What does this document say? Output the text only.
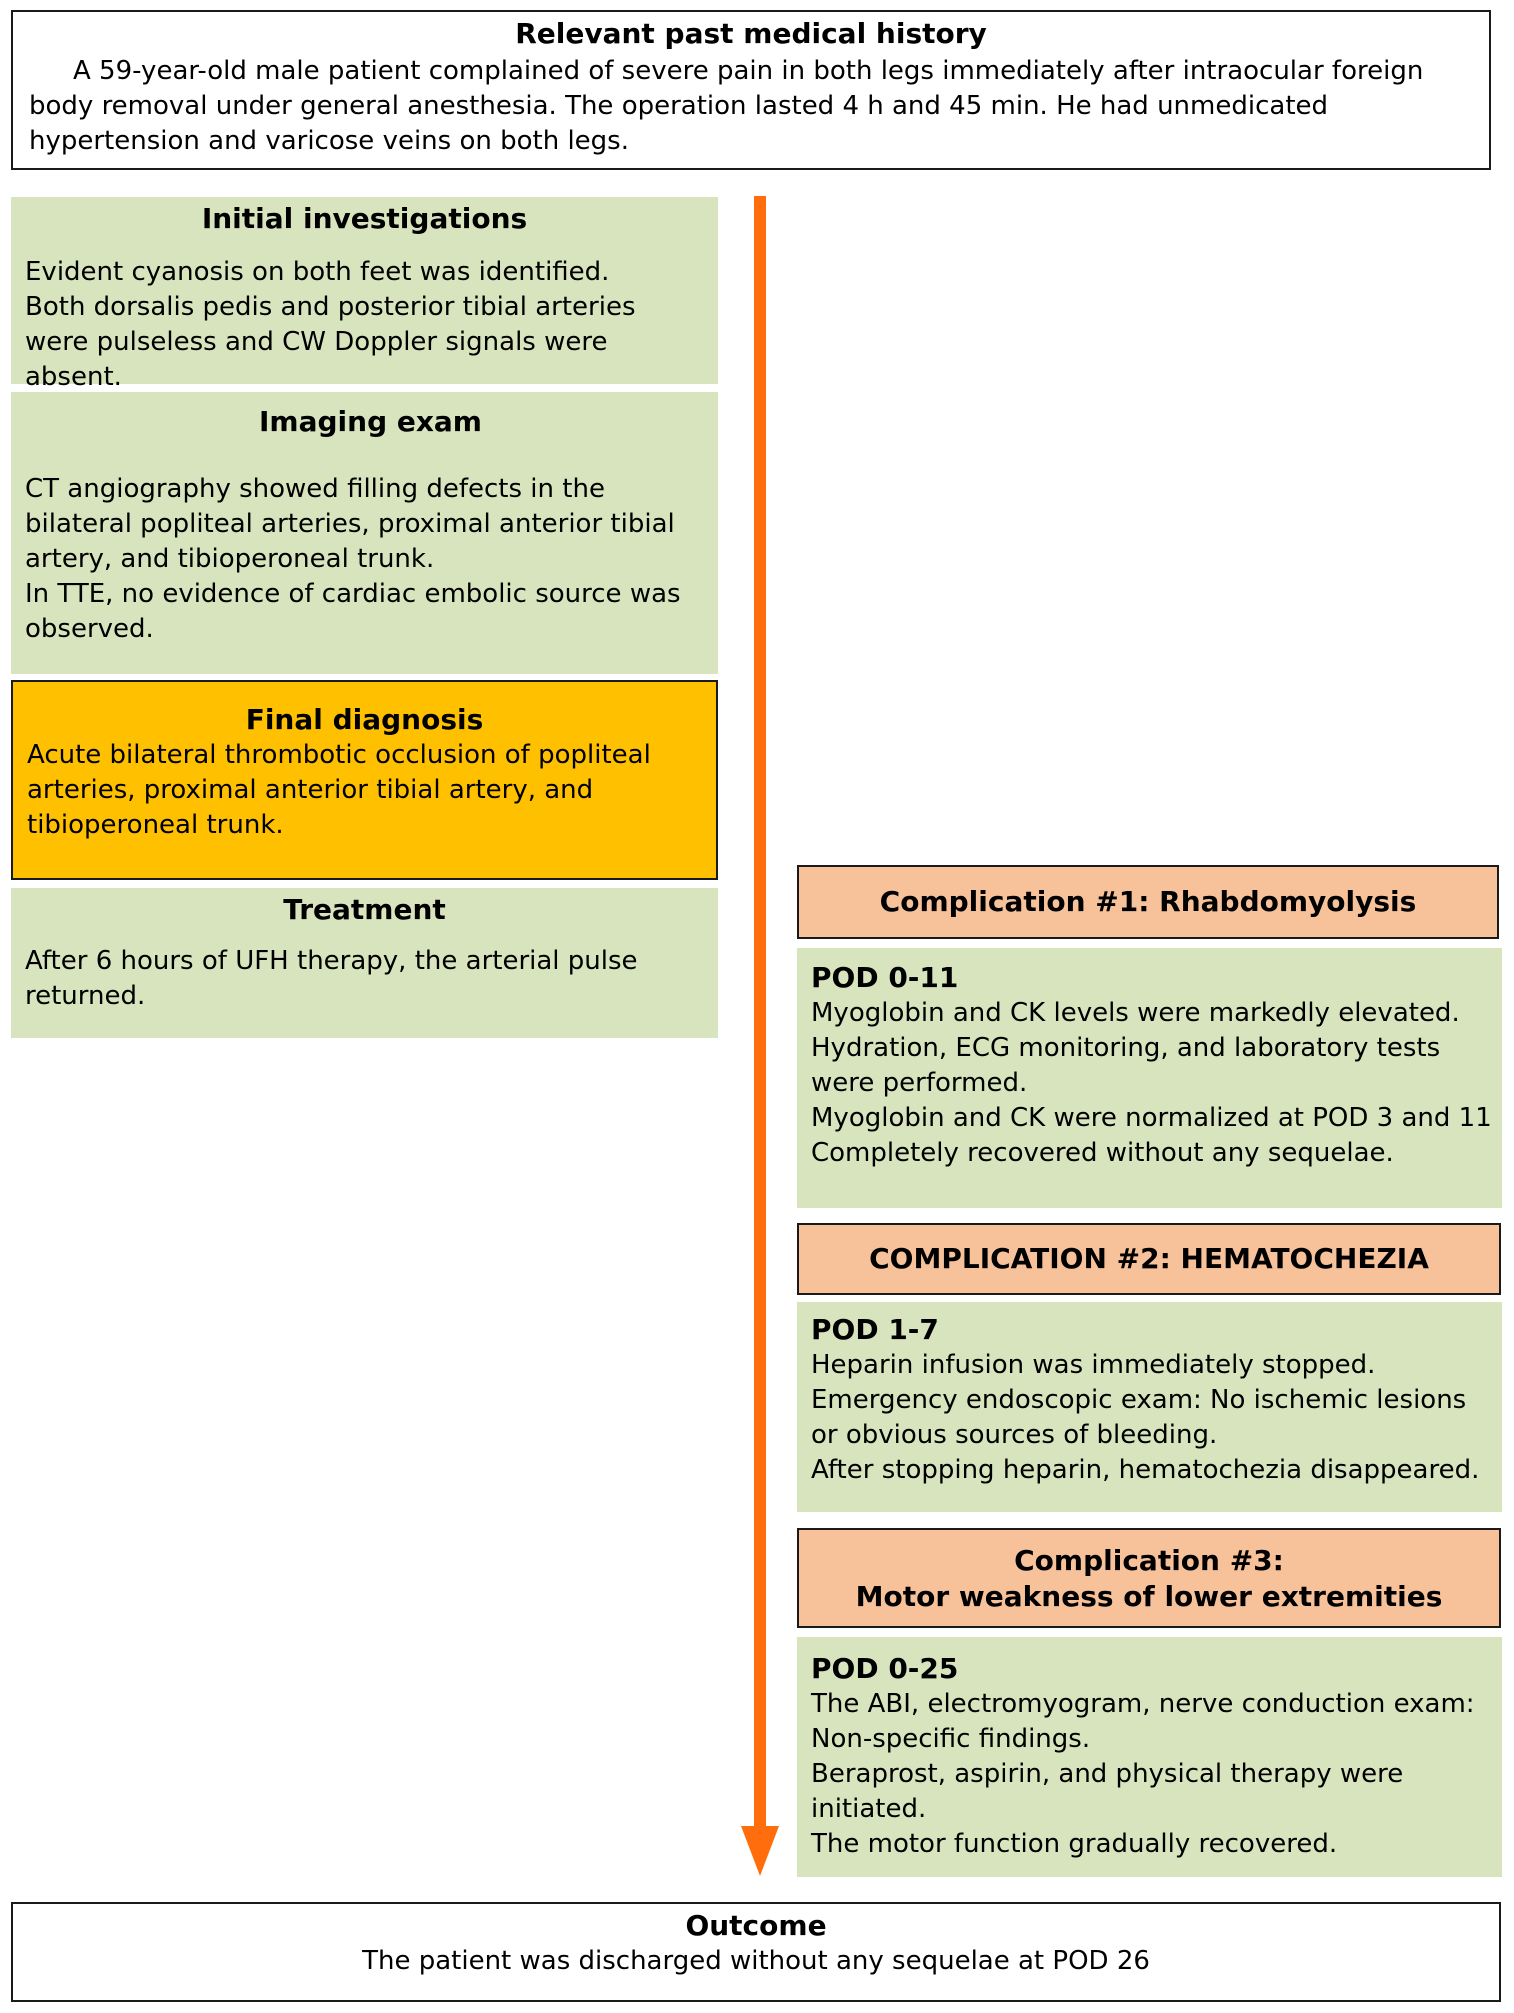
Relevant past medical history
A 59-year-old male patient complained of severe pain in both legs immediately after intraocular foreign body removal under general anesthesia. The operation lasted 4 h and 45 min. He had unmedicated hypertension and varicose veins on both legs.
Initial investigations
Evident cyanosis on both feet was identified.
Both dorsalis pedis and posterior tibial arteries were pulseless and CW Doppler signals were absent.
Imaging exam
CT angiography showed filling defects in the bilateral popliteal arteries, proximal anterior tibial artery, and tibioperoneal trunk.
In TTE, no evidence of cardiac embolic source was observed.
Final diagnosis
Acute bilateral thrombotic occlusion of popliteal arteries, proximal anterior tibial artery, and tibioperoneal trunk.
Treatment
After 6 hours of UFH therapy, the arterial pulse returned.
Complication #1: Rhabdomyolysis
POD 0-11
Myoglobin and CK levels were markedly elevated.
Hydration, ECG monitoring, and laboratory tests were performed.
Myoglobin and CK were normalized at POD 3 and 11
Completely recovered without any sequelae.
COMPLICATION #2: HEMATOCHEZIA
POD 1-7
Heparin infusion was immediately stopped.
Emergency endoscopic exam: No ischemic lesions or obvious sources of bleeding.
After stopping heparin, hematochezia disappeared.
Complication #3:
Motor weakness of lower extremities
POD 0-25
The ABI, electromyogram, nerve conduction exam: Non-specific findings.
Beraprost, aspirin, and physical therapy were initiated.
The motor function gradually recovered.
Outcome
The patient was discharged without any sequelae at POD 26
